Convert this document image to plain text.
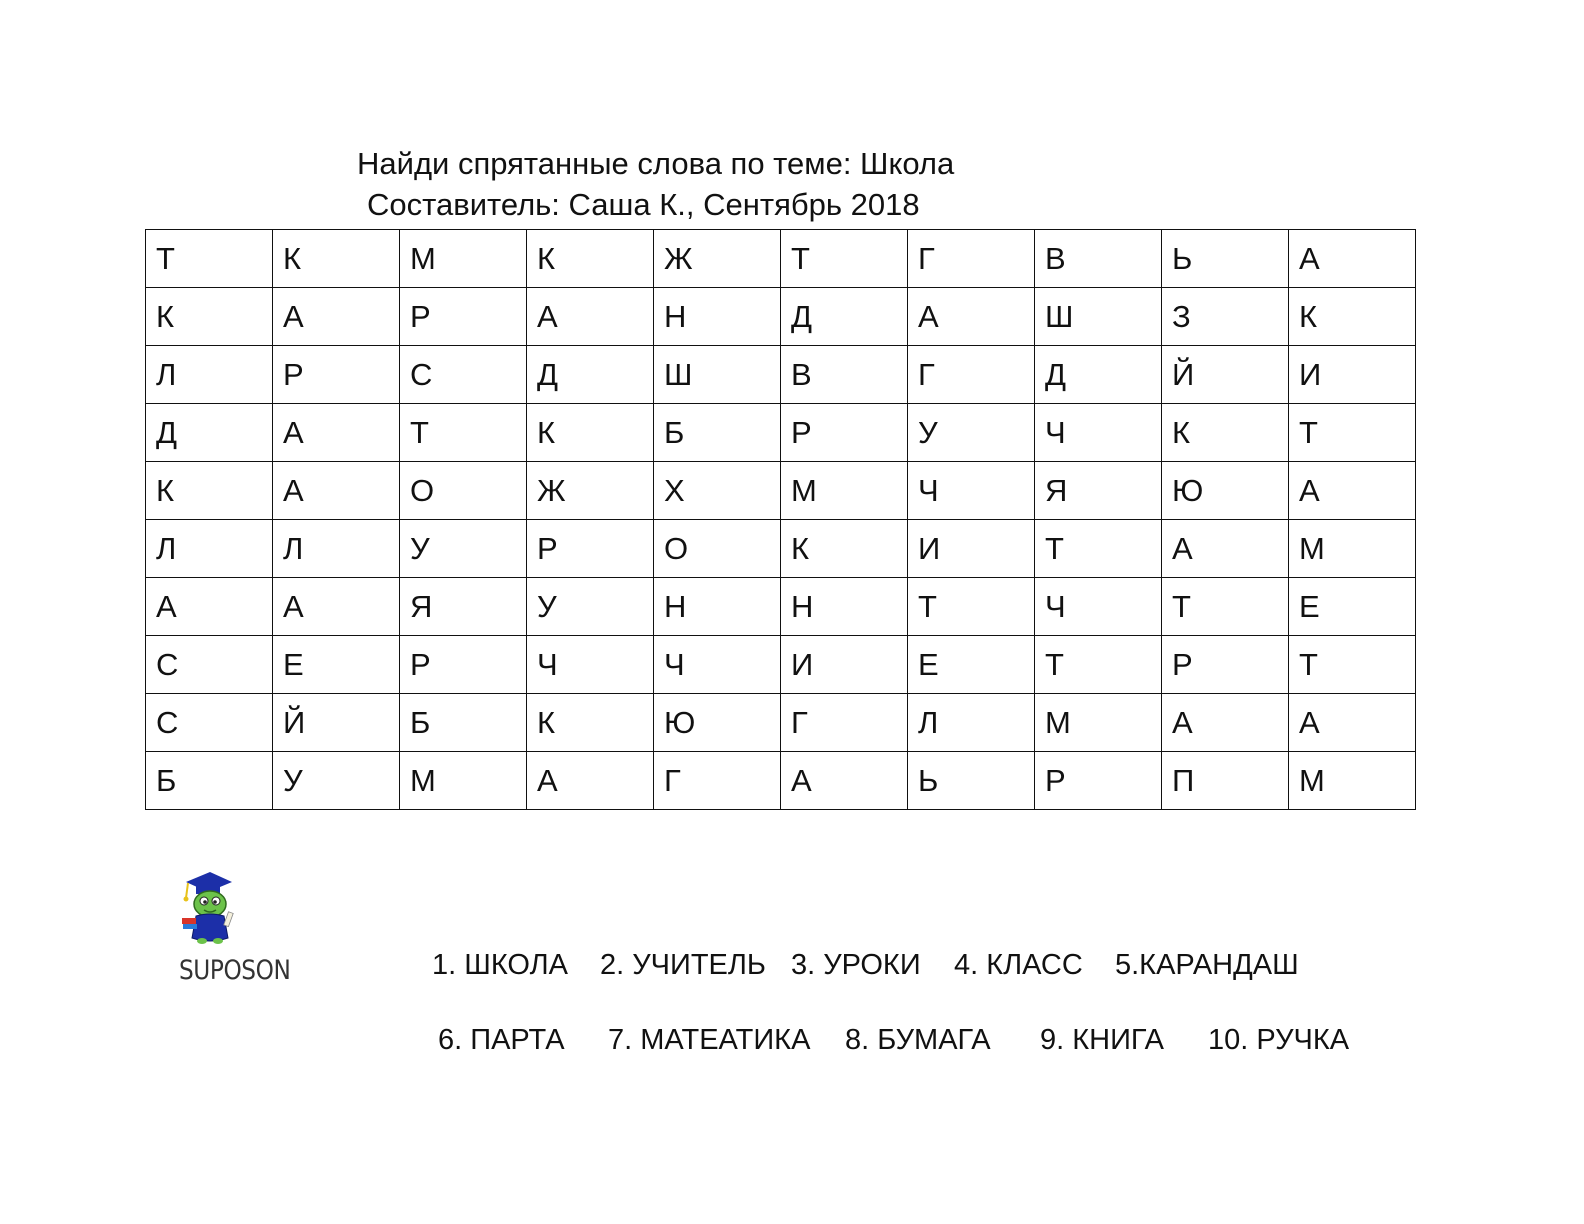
Найди спрятанные слова по теме: Школа
Составитель: Саша К., Сентябрь 2018
Т	К	М	К	Ж	Т	Г	В	Ь	А
К	А	Р	А	Н	Д	А	Ш	З	К
Л	Р	С	Д	Ш	В	Г	Д	Й	И
Д	А	Т	К	Б	Р	У	Ч	К	Т
К	А	О	Ж	Х	М	Ч	Я	Ю	А
Л	Л	У	Р	О	К	И	Т	А	М
А	А	Я	У	Н	Н	Т	Ч	Т	Е
С	Е	Р	Ч	Ч	И	Е	Т	Р	Т
С	Й	Б	К	Ю	Г	Л	М	А	А
Б	У	М	А	Г	А	Ь	Р	П	М
SUPOSON	1. ШКОЛА 2. УЧИТЕЛЬ 3. УРОКИ 4. КЛАСС 5.КАРАНДАШ
6. ПАРТА 7. МАТЕАТИКА 8. БУМАГА 9. КНИГА 10. РУЧКА
